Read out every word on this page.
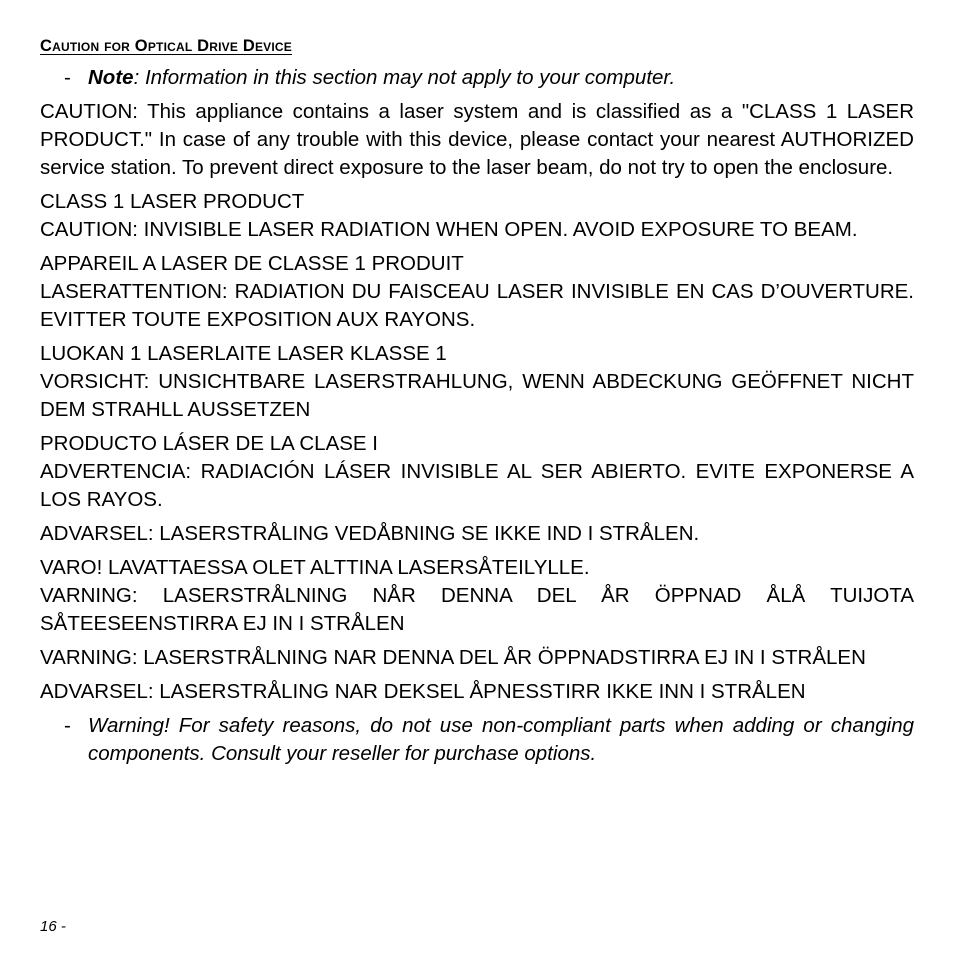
Caution for Optical Drive Device
- Note: Information in this section may not apply to your computer.

CAUTION: This appliance contains a laser system and is classified as a "CLASS 1 LASER PRODUCT." In case of any trouble with this device, please contact your nearest AUTHORIZED service station. To prevent direct exposure to the laser beam, do not try to open the enclosure.

CLASS 1 LASER PRODUCT

CAUTION: INVISIBLE LASER RADIATION WHEN OPEN. AVOID EXPOSURE TO BEAM.

APPAREIL A LASER DE CLASSE 1 PRODUIT

LASERATTENTION: RADIATION DU FAISCEAU LASER INVISIBLE EN CAS D’OUVERTURE. EVITTER TOUTE EXPOSITION AUX RAYONS.

LUOKAN 1 LASERLAITE LASER KLASSE 1

VORSICHT: UNSICHTBARE LASERSTRAHLUNG, WENN ABDECKUNG GEÖFFNET NICHT DEM STRAHLL AUSSETZEN

PRODUCTO LÁSER DE LA CLASE I

ADVERTENCIA: RADIACIÓN LÁSER INVISIBLE AL SER ABIERTO. EVITE EXPONERSE A LOS RAYOS.

ADVARSEL: LASERSTRÅLING VEDÅBNING SE IKKE IND I STRÅLEN.

VARO! LAVATTAESSA OLET ALTTINA LASERSÅTEILYLLE.

VARNING: LASERSTRÅLNING NÅR DENNA DEL ÅR ÖPPNAD ÅLÅ TUIJOTA SÅTEESEENSTIRRA EJ IN I STRÅLEN

VARNING: LASERSTRÅLNING NAR DENNA DEL ÅR ÖPPNADSTIRRA EJ IN I STRÅLEN

ADVARSEL: LASERSTRÅLING NAR DEKSEL ÅPNESSTIRR IKKE INN I STRÅLEN

- Warning! For safety reasons, do not use non-compliant parts when adding or changing components. Consult your reseller for purchase options.
16 -
